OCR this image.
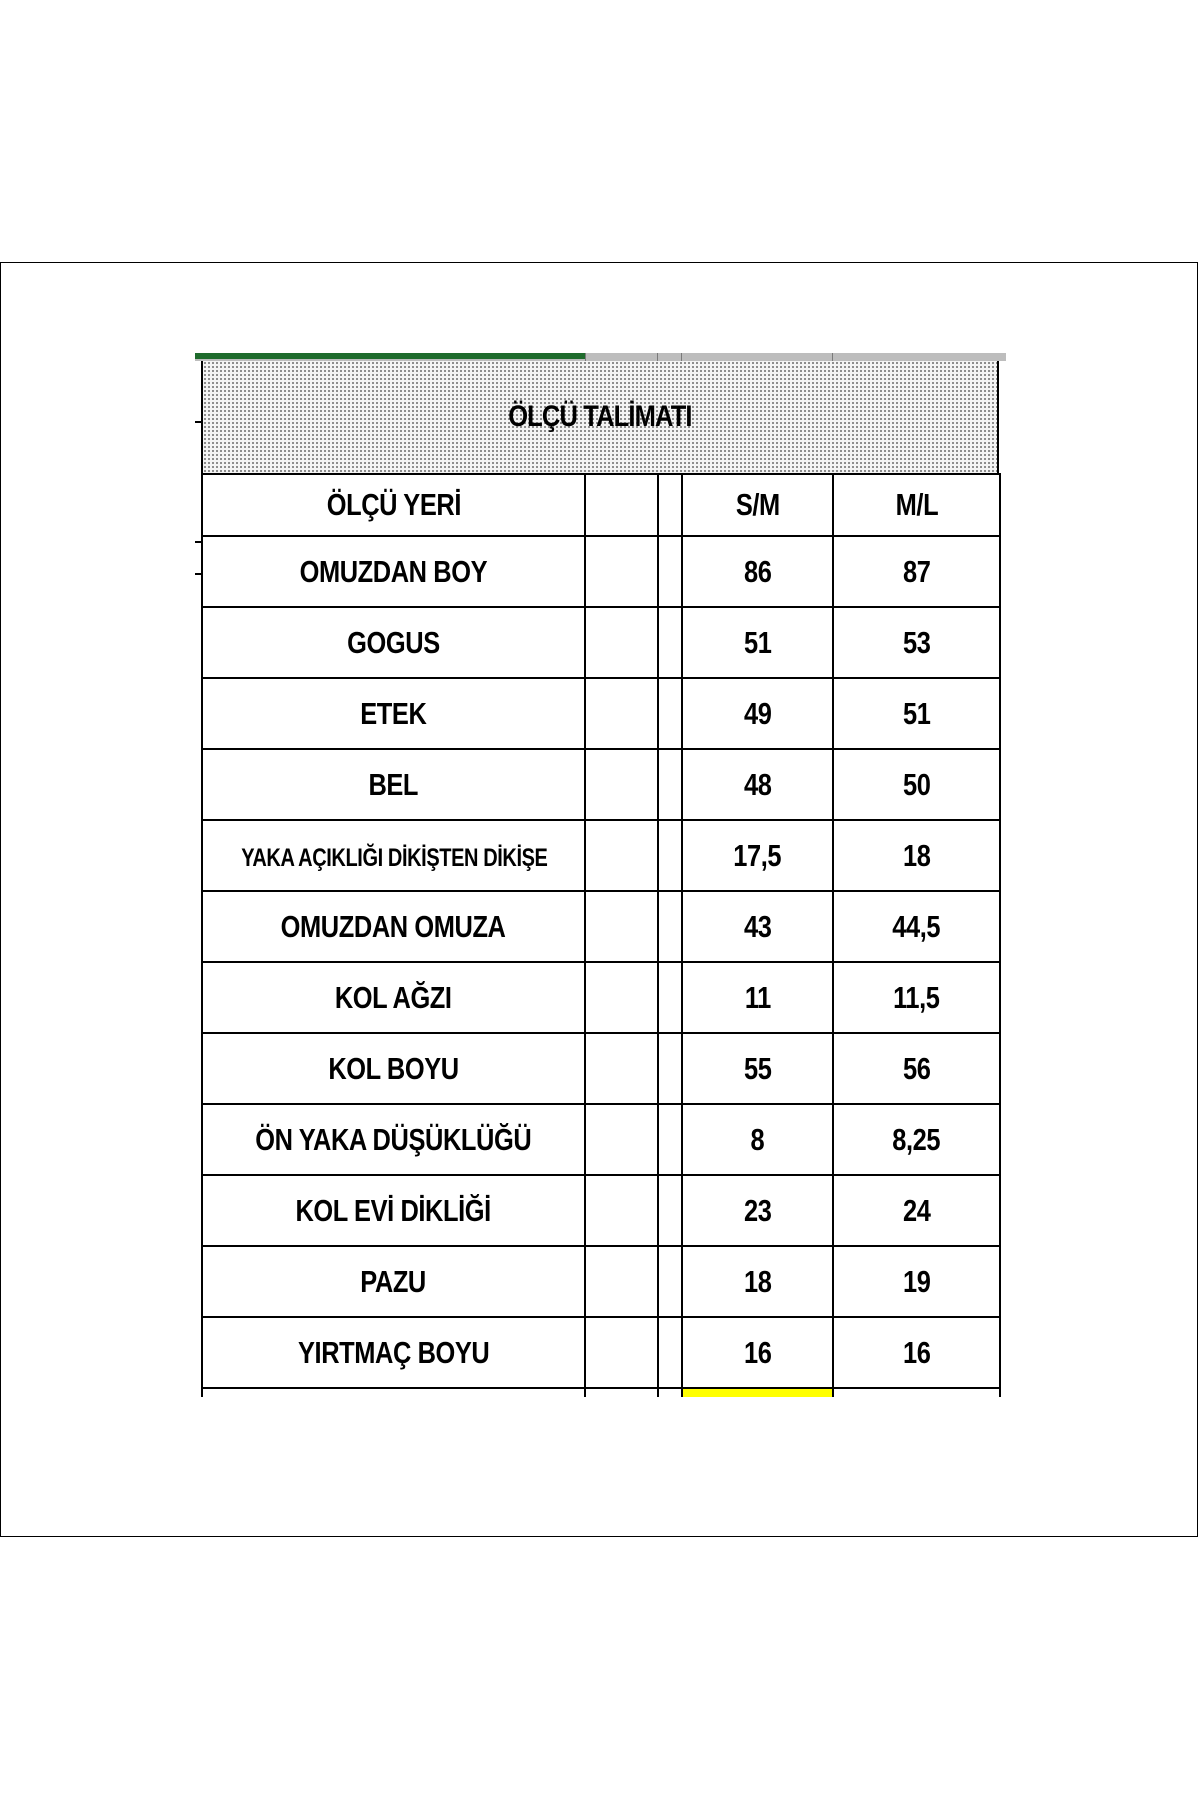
ÖLÇÜ TALİMATI
ÖLÇÜ YERİ			S/M	M/L
OMUZDAN BOY			86	87
GOGUS			51	53
ETEK			49	51
BEL			48	50
YAKA AÇIKLIĞI DİKİŞTEN DİKİŞE			17,5	18
OMUZDAN OMUZA			43	44,5
KOL AĞZI			11	11,5
KOL BOYU			55	56
ÖN YAKA DÜŞÜKLÜĞÜ			8	8,25
KOL EVİ DİKLİĞİ			23	24
PAZU			18	19
YIRTMAÇ BOYU			16	16
